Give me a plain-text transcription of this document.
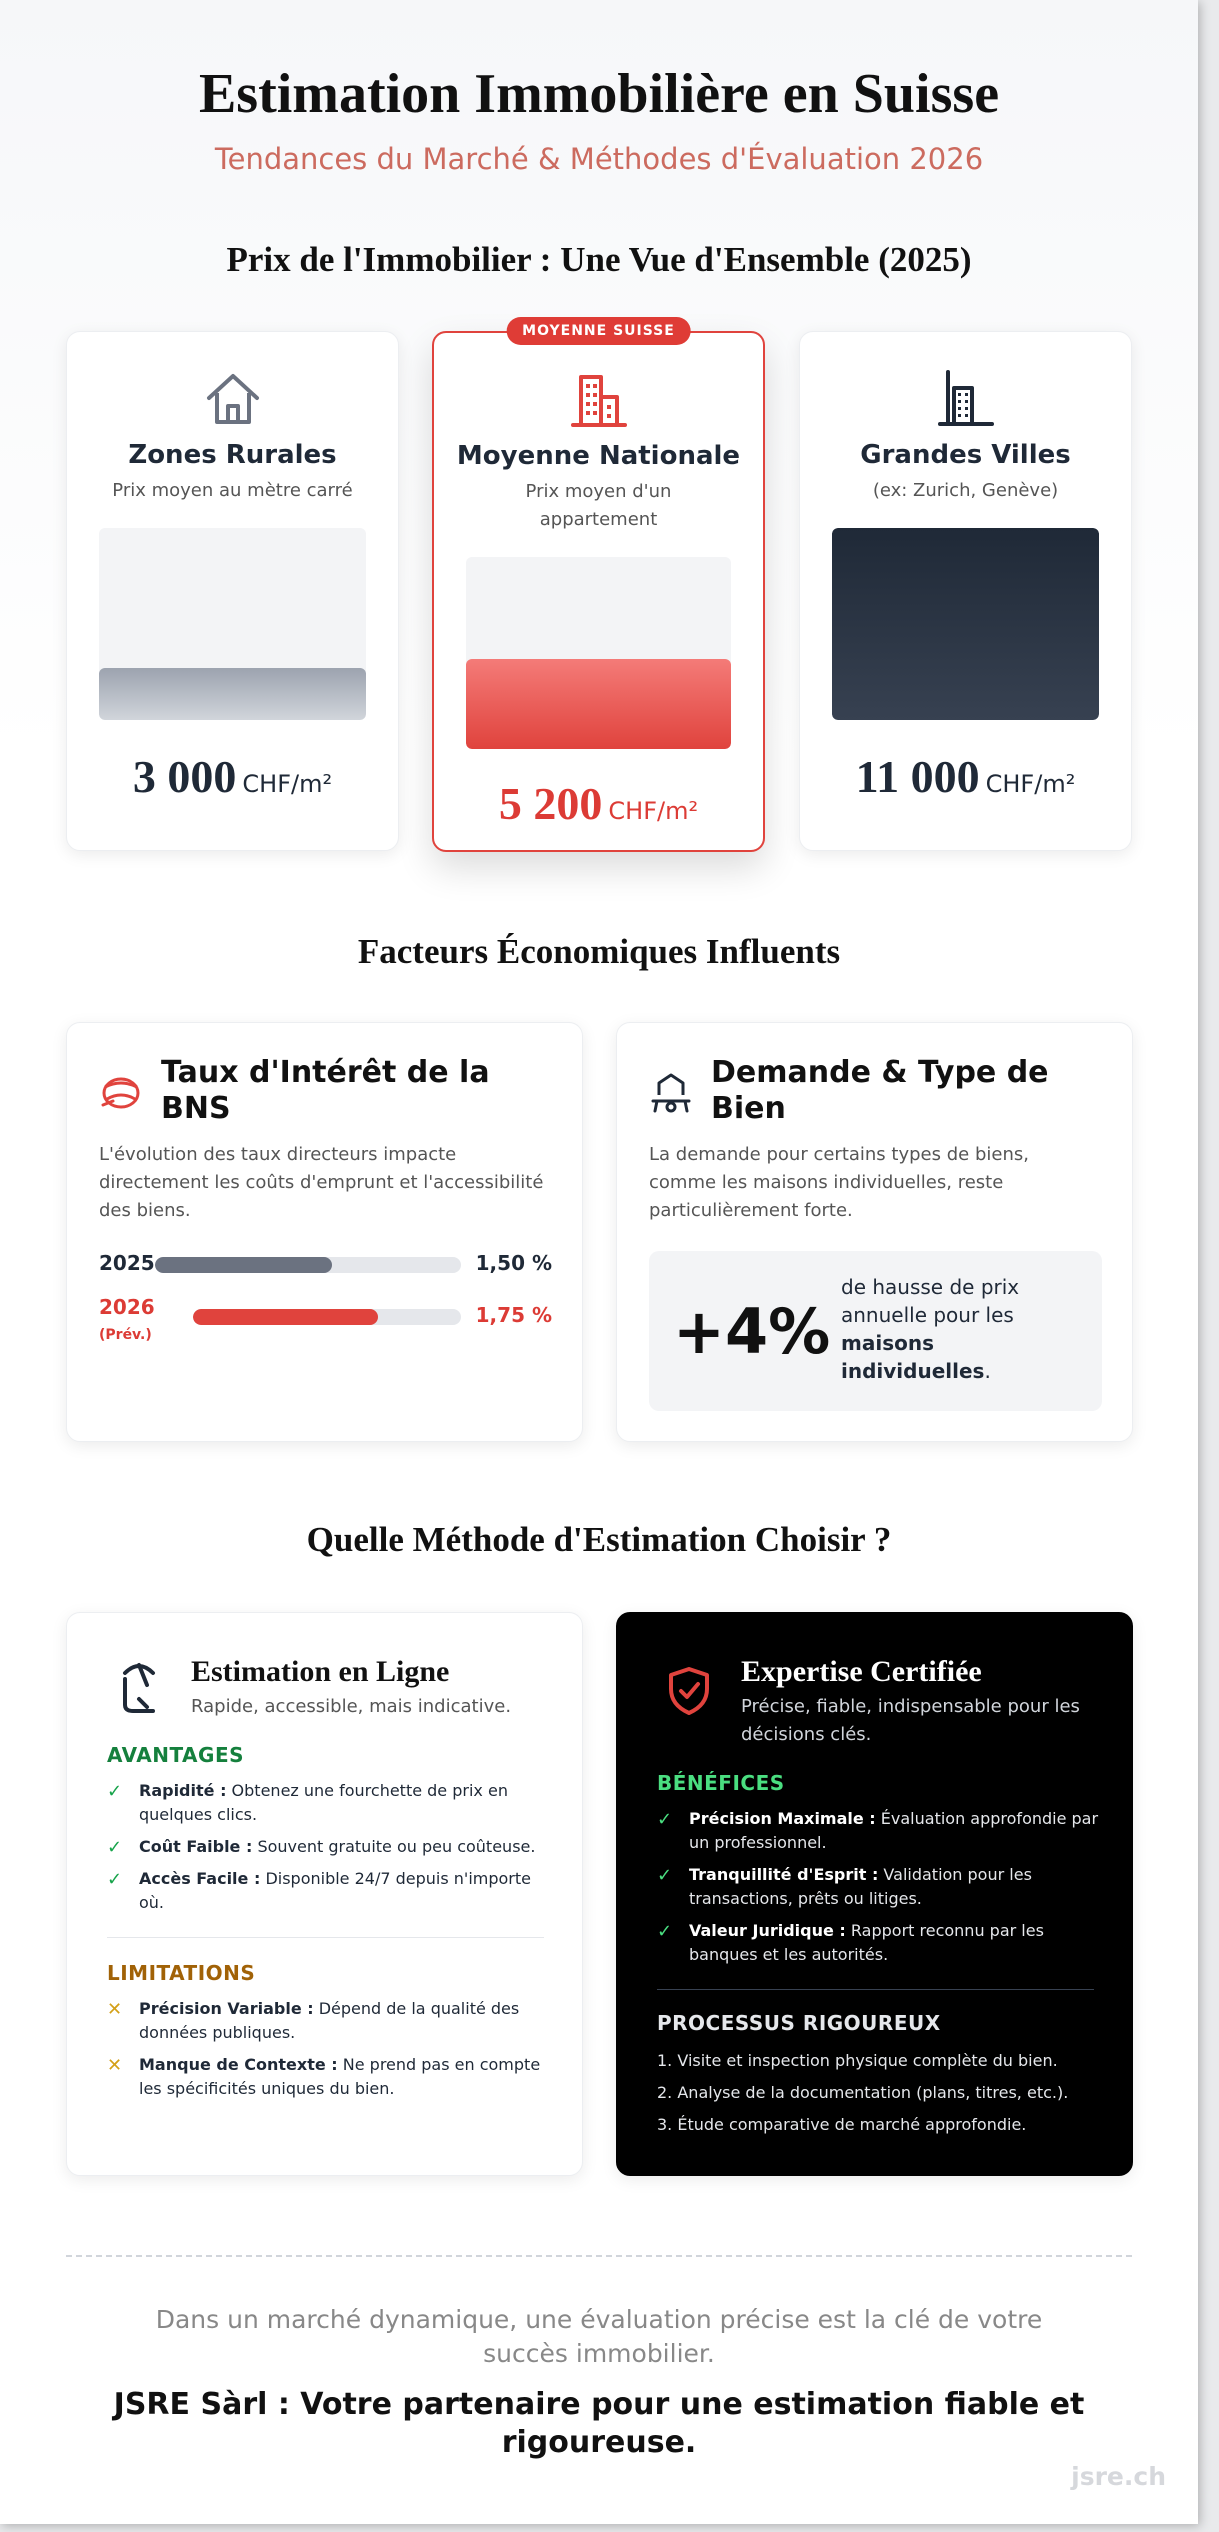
Estimation Immobilière en Suisse
Tendances du Marché & Méthodes d'Évaluation 2026
Prix de l'Immobilier : Une Vue d'Ensemble (2025)
Zones Rurales
Prix moyen au mètre carré
3 000 CHF/m²
MOYENNE SUISSE
Moyenne Nationale
Prix moyen d'un appartement
5 200 CHF/m²
Grandes Villes
(ex: Zurich, Genève)
11 000 CHF/m²
Facteurs Économiques Influents
Taux d'Intérêt de la BNS
L'évolution des taux directeurs impacte directement les coûts d'emprunt et l'accessibilité des biens.
2025	1,50 %
2026
(Prév.)
1,75 %
Demande & Type de Bien
La demande pour certains types de biens, comme les maisons individuelles, reste particulièrement forte.
+4%
de hausse de prix annuelle pour les maisons individuelles.
Quelle Méthode d'Estimation Choisir ?
Estimation en Ligne
Rapide, accessible, mais indicative.
AVANTAGES
✓	Rapidité : Obtenez une fourchette de prix en quelques clics.
✓	Coût Faible : Souvent gratuite ou peu coûteuse.
✓	Accès Facile : Disponible 24/7 depuis n'importe où.
LIMITATIONS
✕	Précision Variable : Dépend de la qualité des données publiques.
✕	Manque de Contexte : Ne prend pas en compte les spécificités uniques du bien.
Expertise Certifiée
Précise, fiable, indispensable pour les décisions clés.
BÉNÉFICES
✓	Précision Maximale : Évaluation approfondie par un professionnel.
✓	Tranquillité d'Esprit : Validation pour les transactions, prêts ou litiges.
✓	Valeur Juridique : Rapport reconnu par les banques et les autorités.
PROCESSUS RIGOUREUX
1. Visite et inspection physique complète du bien.
2. Analyse de la documentation (plans, titres, etc.).
3. Étude comparative de marché approfondie.
Dans un marché dynamique, une évaluation précise est la clé de votre succès immobilier.
JSRE Sàrl : Votre partenaire pour une estimation fiable et rigoureuse.
jsre.ch
